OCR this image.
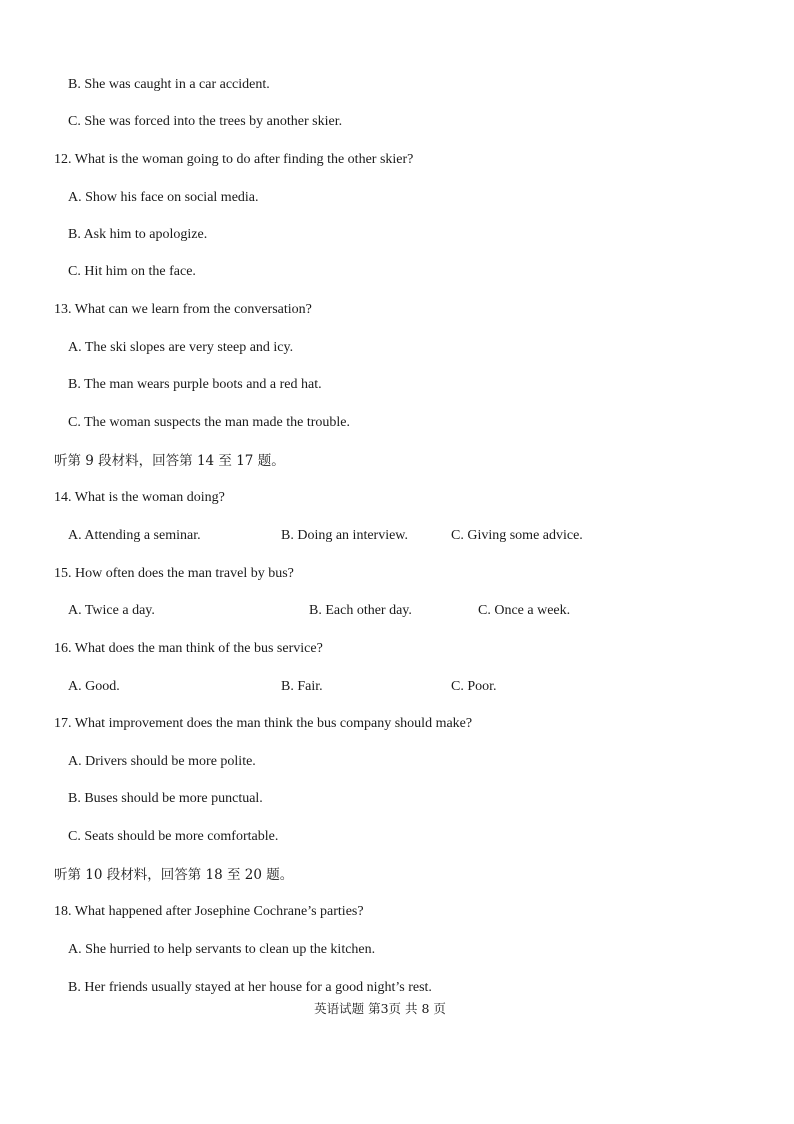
B. She was caught in a car accident.
C. She was forced into the trees by another skier.
12. What is the woman going to do after finding the other skier?
A. Show his face on social media.
B. Ask him to apologize.
C. Hit him on the face.
13. What can we learn from the conversation?
A. The ski slopes are very steep and icy.
B. The man wears purple boots and a red hat.
C. The woman suspects the man made the trouble.
听第 9 段材料，回答第 14 至 17 题。
14. What is the woman doing?
A. Attending a seminar.	B. Doing an interview.	C. Giving some advice.
15. How often does the man travel by bus?
A. Twice a day.	B. Each other day.	C. Once a week.
16. What does the man think of the bus service?
A. Good.	B. Fair.	C. Poor.
17. What improvement does the man think the bus company should make?
A. Drivers should be more polite.
B. Buses should be more punctual.
C. Seats should be more comfortable.
听第 10 段材料，回答第 18 至 20 题。
18. What happened after Josephine Cochrane’s parties?
A. She hurried to help servants to clean up the kitchen.
B. Her friends usually stayed at her house for a good night’s rest.
英语试题 第3页 共 8 页
